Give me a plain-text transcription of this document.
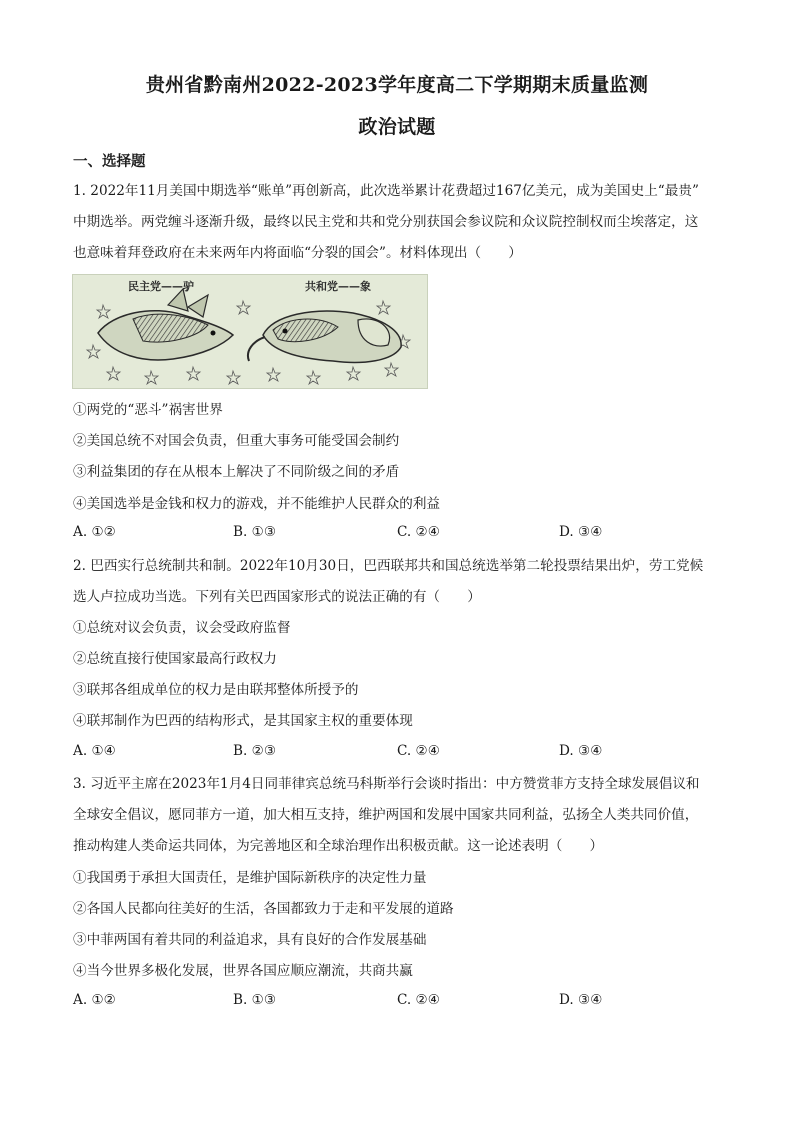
贵州省黔南州2022-2023学年度高二下学期期末质量监测
政治试题
一、选择题
1. 2022年11月美国中期选举“账单”再创新高，此次选举累计花费超过167亿美元，成为美国史上“最贵”
中期选举。两党缠斗逐渐升级，最终以民主党和共和党分别获国会参议院和众议院控制权而尘埃落定，这
也意味着拜登政府在未来两年内将面临“分裂的国会”。材料体现出（　　）
民主党——驴	共和党——象
①两党的“恶斗”祸害世界
②美国总统不对国会负责，但重大事务可能受国会制约
③利益集团的存在从根本上解决了不同阶级之间的矛盾
④美国选举是金钱和权力的游戏，并不能维护人民群众的利益
A. ①②	B. ①③	C. ②④	D. ③④
2. 巴西实行总统制共和制。2022年10月30日，巴西联邦共和国总统选举第二轮投票结果出炉，劳工党候
选人卢拉成功当选。下列有关巴西国家形式的说法正确的有（　　）
①总统对议会负责，议会受政府监督
②总统直接行使国家最高行政权力
③联邦各组成单位的权力是由联邦整体所授予的
④联邦制作为巴西的结构形式，是其国家主权的重要体现
A. ①④	B. ②③	C. ②④	D. ③④
3. 习近平主席在2023年1月4日同菲律宾总统马科斯举行会谈时指出：中方赞赏菲方支持全球发展倡议和
全球安全倡议，愿同菲方一道，加大相互支持，维护两国和发展中国家共同利益，弘扬全人类共同价值，
推动构建人类命运共同体，为完善地区和全球治理作出积极贡献。这一论述表明（　　）
①我国勇于承担大国责任，是维护国际新秩序的决定性力量
②各国人民都向往美好的生活，各国都致力于走和平发展的道路
③中菲两国有着共同的利益追求，具有良好的合作发展基础
④当今世界多极化发展，世界各国应顺应潮流，共商共赢
A. ①②	B. ①③	C. ②④	D. ③④
